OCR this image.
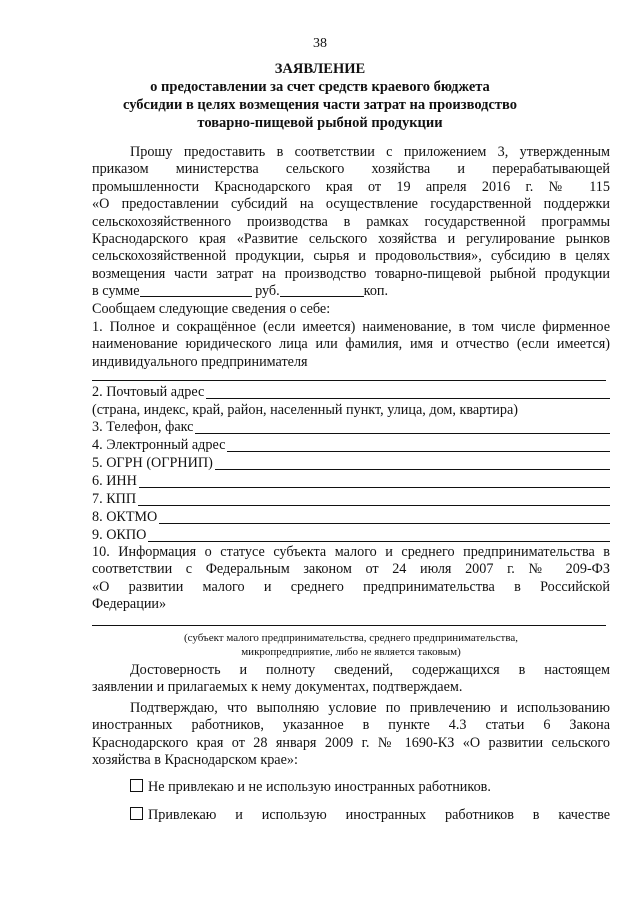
38
ЗАЯВЛЕНИЕ
о предоставлении за счет средств краевого бюджета
субсидии в целях возмещения части затрат на производство
товарно-пищевой рыбной продукции
Прошу предоставить в соответствии с приложением 3, утвержденным
приказом министерства сельского хозяйства и перерабатывающей
промышленности Краснодарского края от 19 апреля 2016 г. № 115
«О предоставлении субсидий на осуществление государственной поддержки
сельскохозяйственного производства в рамках государственной программы
Краснодарского края «Развитие сельского хозяйства и регулирование рынков
сельскохозяйственной продукции, сырья и продовольствия», субсидию в целях
возмещения части затрат на производство товарно-пищевой рыбной продукции
в сумме	руб.	коп.
Сообщаем следующие сведения о себе:
1. Полное и сокращённое (если имеется) наименование, в том числе фирменное
наименование юридического лица или фамилия, имя и отчество (если имеется)
индивидуального предпринимателя
2. Почтовый адрес
(страна, индекс, край, район, населенный пункт, улица, дом, квартира)
3. Телефон, факс
4. Электронный адрес
5. ОГРН (ОГРНИП)
6. ИНН
7. КПП
8. ОКТМО
9. ОКПО
10. Информация о статусе субъекта малого и среднего предпринимательства в
соответствии с Федеральным законом от 24 июля 2007 г. № 209-ФЗ
«О развитии малого и среднего предпринимательства в Российской
Федерации»
(субъект малого предпринимательства, среднего предпринимательства,
микропредприятие, либо не является таковым)
Достоверность и полноту сведений, содержащихся в настоящем
заявлении и прилагаемых к нему документах, подтверждаем.
Подтверждаю, что выполняю условие по привлечению и использованию
иностранных работников, указанное в пункте 4.3 статьи 6 Закона
Краснодарского края от 28 января 2009 г. № 1690-КЗ «О развитии сельского
хозяйства в Краснодарском крае»:
Не привлекаю и не использую иностранных работников.
Привлекаю и использую иностранных работников в качестве
